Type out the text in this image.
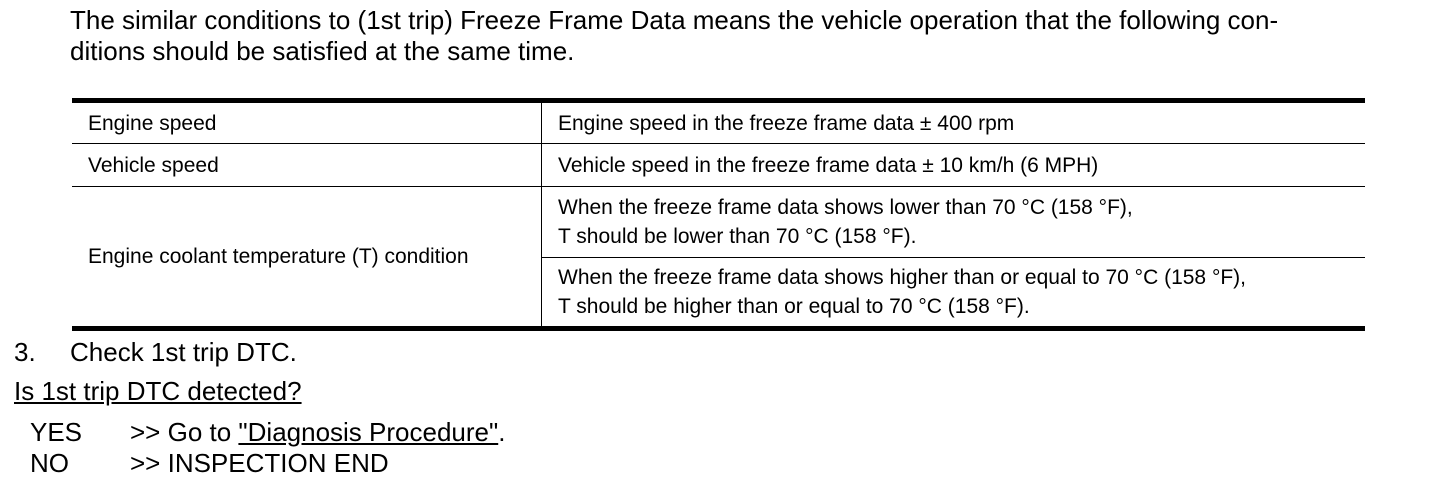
The similar conditions to (1st trip) Freeze Frame Data means the vehicle operation that the following con-
ditions should be satisfied at the same time.
Engine speed	Engine speed in the freeze frame data ± 400 rpm
Vehicle speed	Vehicle speed in the freeze frame data ± 10 km/h (6 MPH)
Engine coolant temperature (T) condition	When the freeze frame data shows lower than 70 °C (158 °F),
T should be lower than 70 °C (158 °F).

	When the freeze frame data shows higher than or equal to 70 °C (158 °F),
T should be higher than or equal to 70 °C (158 °F).
3. Check 1st trip DTC.
Is 1st trip DTC detected?
YES >> Go to "Diagnosis Procedure".
NO >> INSPECTION END
